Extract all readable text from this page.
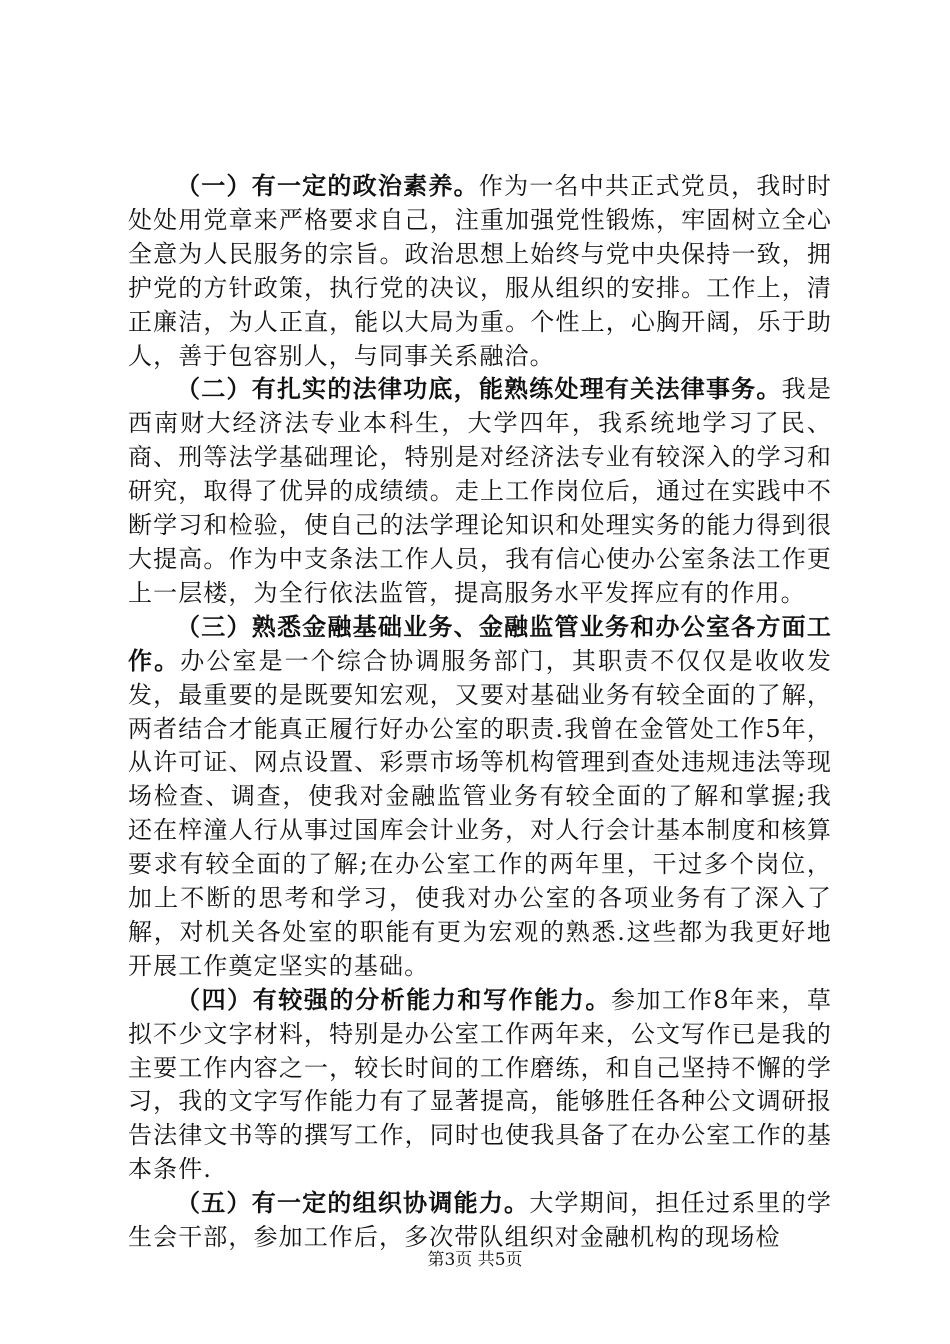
（一）有一定的政治素养。作为一名中共正式党员，我时时处处用党章来严格要求自己，注重加强党性锻炼，牢固树立全心全意为人民服务的宗旨。政治思想上始终与党中央保持一致，拥护党的方针政策，执行党的决议，服从组织的安排。工作上，清正廉洁，为人正直，能以大局为重。个性上，心胸开阔，乐于助人，善于包容别人，与同事关系融洽。

（二）有扎实的法律功底，能熟练处理有关法律事务。我是西南财大经济法专业本科生，大学四年，我系统地学习了民、商、刑等法学基础理论，特别是对经济法专业有较深入的学习和研究，取得了优异的成绩绩。走上工作岗位后，通过在实践中不断学习和检验，使自己的法学理论知识和处理实务的能力得到很大提高。作为中支条法工作人员，我有信心使办公室条法工作更上一层楼，为全行依法监管，提高服务水平发挥应有的作用。

（三）熟悉金融基础业务、金融监管业务和办公室各方面工作。办公室是一个综合协调服务部门，其职责不仅仅是收收发发，最重要的是既要知宏观，又要对基础业务有较全面的了解，两者结合才能真正履行好办公室的职责.我曾在金管处工作5年，从许可证、网点设置、彩票市场等机构管理到查处违规违法等现场检查、调查，使我对金融监管业务有较全面的了解和掌握;我还在梓潼人行从事过国库会计业务，对人行会计基本制度和核算要求有较全面的了解;在办公室工作的两年里，干过多个岗位，加上不断的思考和学习，使我对办公室的各项业务有了深入了解，对机关各处室的职能有更为宏观的熟悉.这些都为我更好地开展工作奠定坚实的基础。

（四）有较强的分析能力和写作能力。参加工作8年来，草拟不少文字材料，特别是办公室工作两年来，公文写作已是我的主要工作内容之一，较长时间的工作磨练，和自己坚持不懈的学习，我的文字写作能力有了显著提高，能够胜任各种公文调研报告法律文书等的撰写工作，同时也使我具备了在办公室工作的基本条件.

（五）有一定的组织协调能力。大学期间，担任过系里的学生会干部，参加工作后，多次带队组织对金融机构的现场检

第3页 共5页
